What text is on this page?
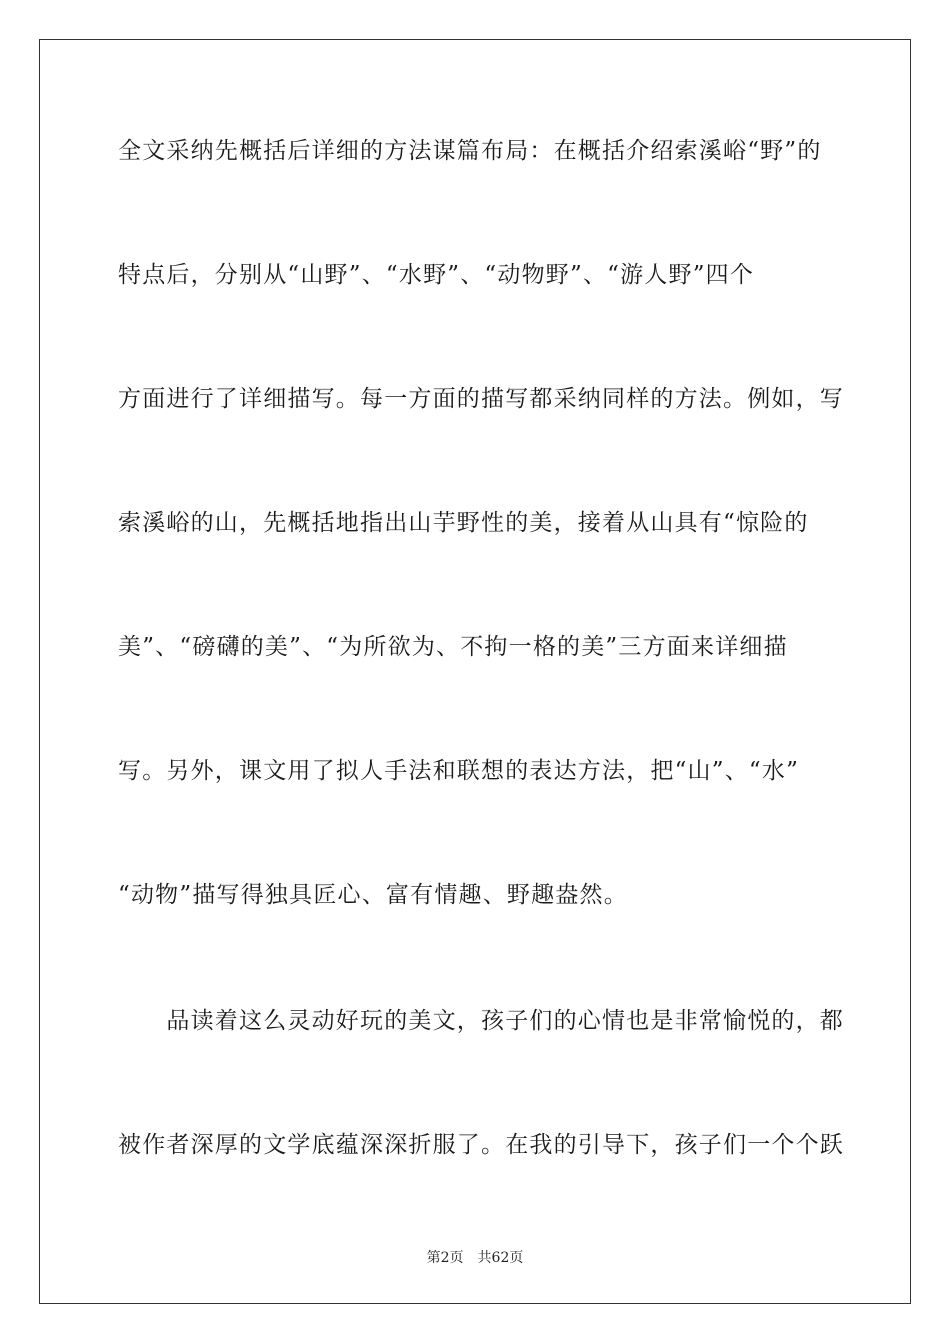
全文采纳先概括后详细的方法谋篇布局：在概括介绍索溪峪“野”的
特点后，分别从“山野”、“水野”、“动物野”、“游人野”四个
方面进行了详细描写。每一方面的描写都采纳同样的方法。例如，写
索溪峪的山，先概括地指出山芋野性的美，接着从山具有“惊险的
美”、“磅礴的美”、“为所欲为、不拘一格的美”三方面来详细描
写。另外，课文用了拟人手法和联想的表达方法，把“山”、“水”
“动物”描写得独具匠心、富有情趣、野趣盎然。
　　品读着这么灵动好玩的美文，孩子们的心情也是非常愉悦的，都
被作者深厚的文学底蕴深深折服了。在我的引导下，孩子们一个个跃
第2页 共62页
